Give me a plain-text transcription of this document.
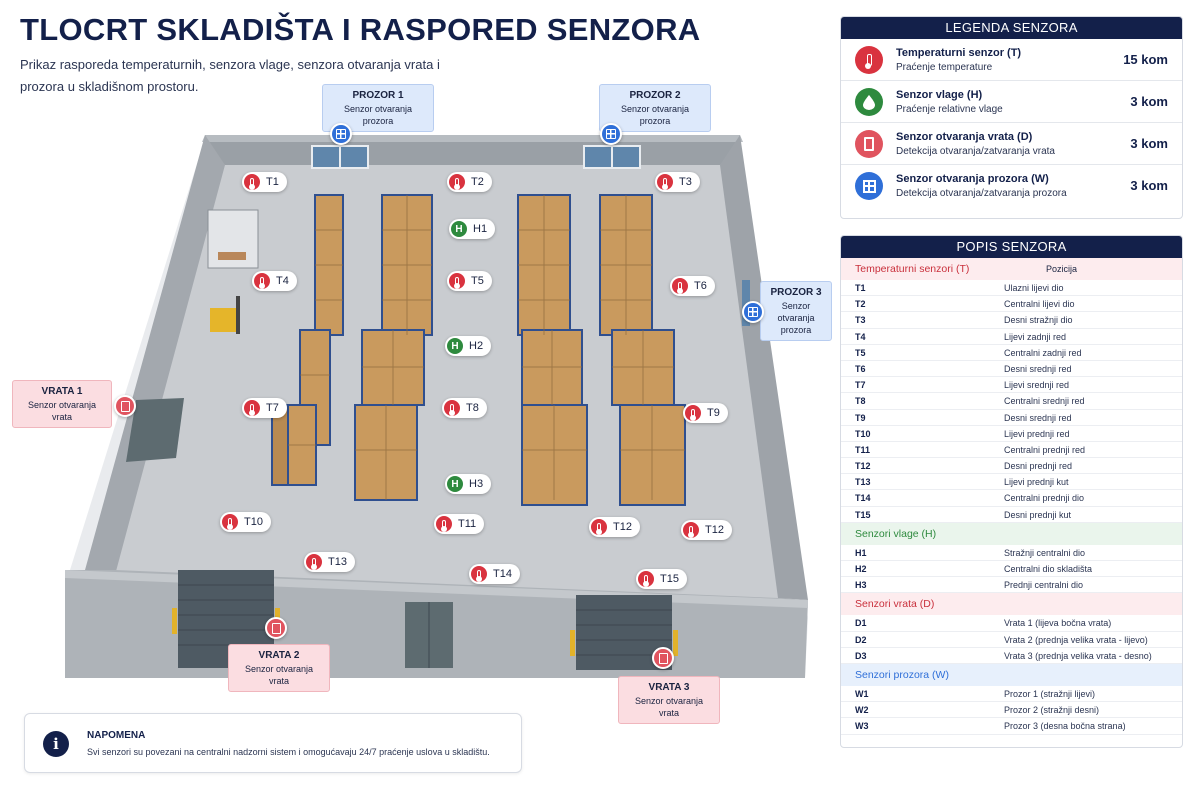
TLOCRT SKLADIŠTA I RASPORED SENZORA
Prikaz rasporeda temperaturnih, senzora vlage, senzora otvaranja vrata i prozora u skladišnom prostoru.
T1	T2	T3
T4	T5	T6
T7	T8	T9
T10	T11	T12	T12
T13
T14	T15
H H1
H H2
H H3
PROZOR 1
Senzor otvaranja prozora
PROZOR 2
Senzor otvaranja prozora
PROZOR 3
Senzor otvaranja
prozora
VRATA 1
Senzor otvaranja vrata
VRATA 2
Senzor otvaranja vrata
VRATA 3
Senzor otvaranja vrata
i	NAPOMENA
Svi senzori su povezani na centralni nadzorni sistem i omogućavaju 24/7 praćenje uslova u skladištu.
LEGENDA SENZORA
Temperaturni senzor (T)
Praćenje temperature
15 kom
Senzor vlage (H)
Praćenje relativne vlage
3 kom
Senzor otvaranja vrata (D)
Detekcija otvaranja/zatvaranja vrata
3 kom
Senzor otvaranja prozora (W)
Detekcija otvaranja/zatvaranja prozora
3 kom
POPIS SENZORA
Temperaturni senzori (T)	Pozicija
T1	Ulazni lijevi dio
T2	Centralni lijevi dio
T3	Desni stražnji dio
T4	Lijevi zadnji red
T5	Centralni zadnji red
T6	Desni srednji red
T7	Lijevi srednji red
T8	Centralni srednji red
T9	Desni srednji red
T10	Lijevi prednji red
T11	Centralni prednji red
T12	Desni prednji red
T13	Lijevi prednji kut
T14	Centralni prednji dio
T15	Desni prednji kut
Senzori vlage (H)
H1	Stražnji centralni dio
H2	Centralni dio skladišta
H3	Prednji centralni dio
Senzori vrata (D)
D1	Vrata 1 (lijeva bočna vrata)
D2	Vrata 2 (prednja velika vrata - lijevo)
D3	Vrata 3 (prednja velika vrata - desno)
Senzori prozora (W)
W1	Prozor 1 (stražnji lijevi)
W2	Prozor 2 (stražnji desni)
W3	Prozor 3 (desna bočna strana)
